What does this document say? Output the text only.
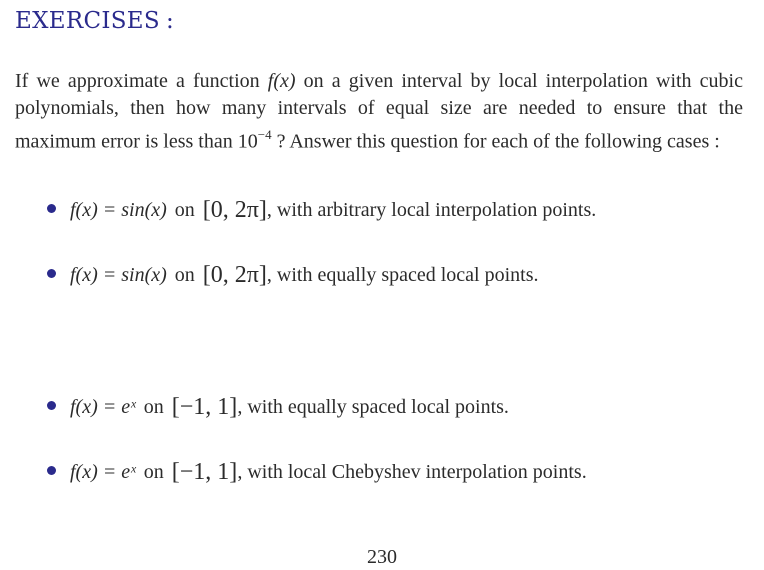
EXERCISES :
If we approximate a function f(x) on a given interval by local interpolation with cubic polynomials, then how many intervals of equal size are needed to ensure that the maximum error is less than $10^{-4}$ ? Answer this question for each of the following cases :
f(x) = sin(x) on [0, 2π], with arbitrary local interpolation points.
f(x) = sin(x) on [0, 2π], with equally spaced local points.
f(x) = eˣ on [−1, 1], with equally spaced local points.
f(x) = eˣ on [−1, 1], with local Chebyshev interpolation points.
230
